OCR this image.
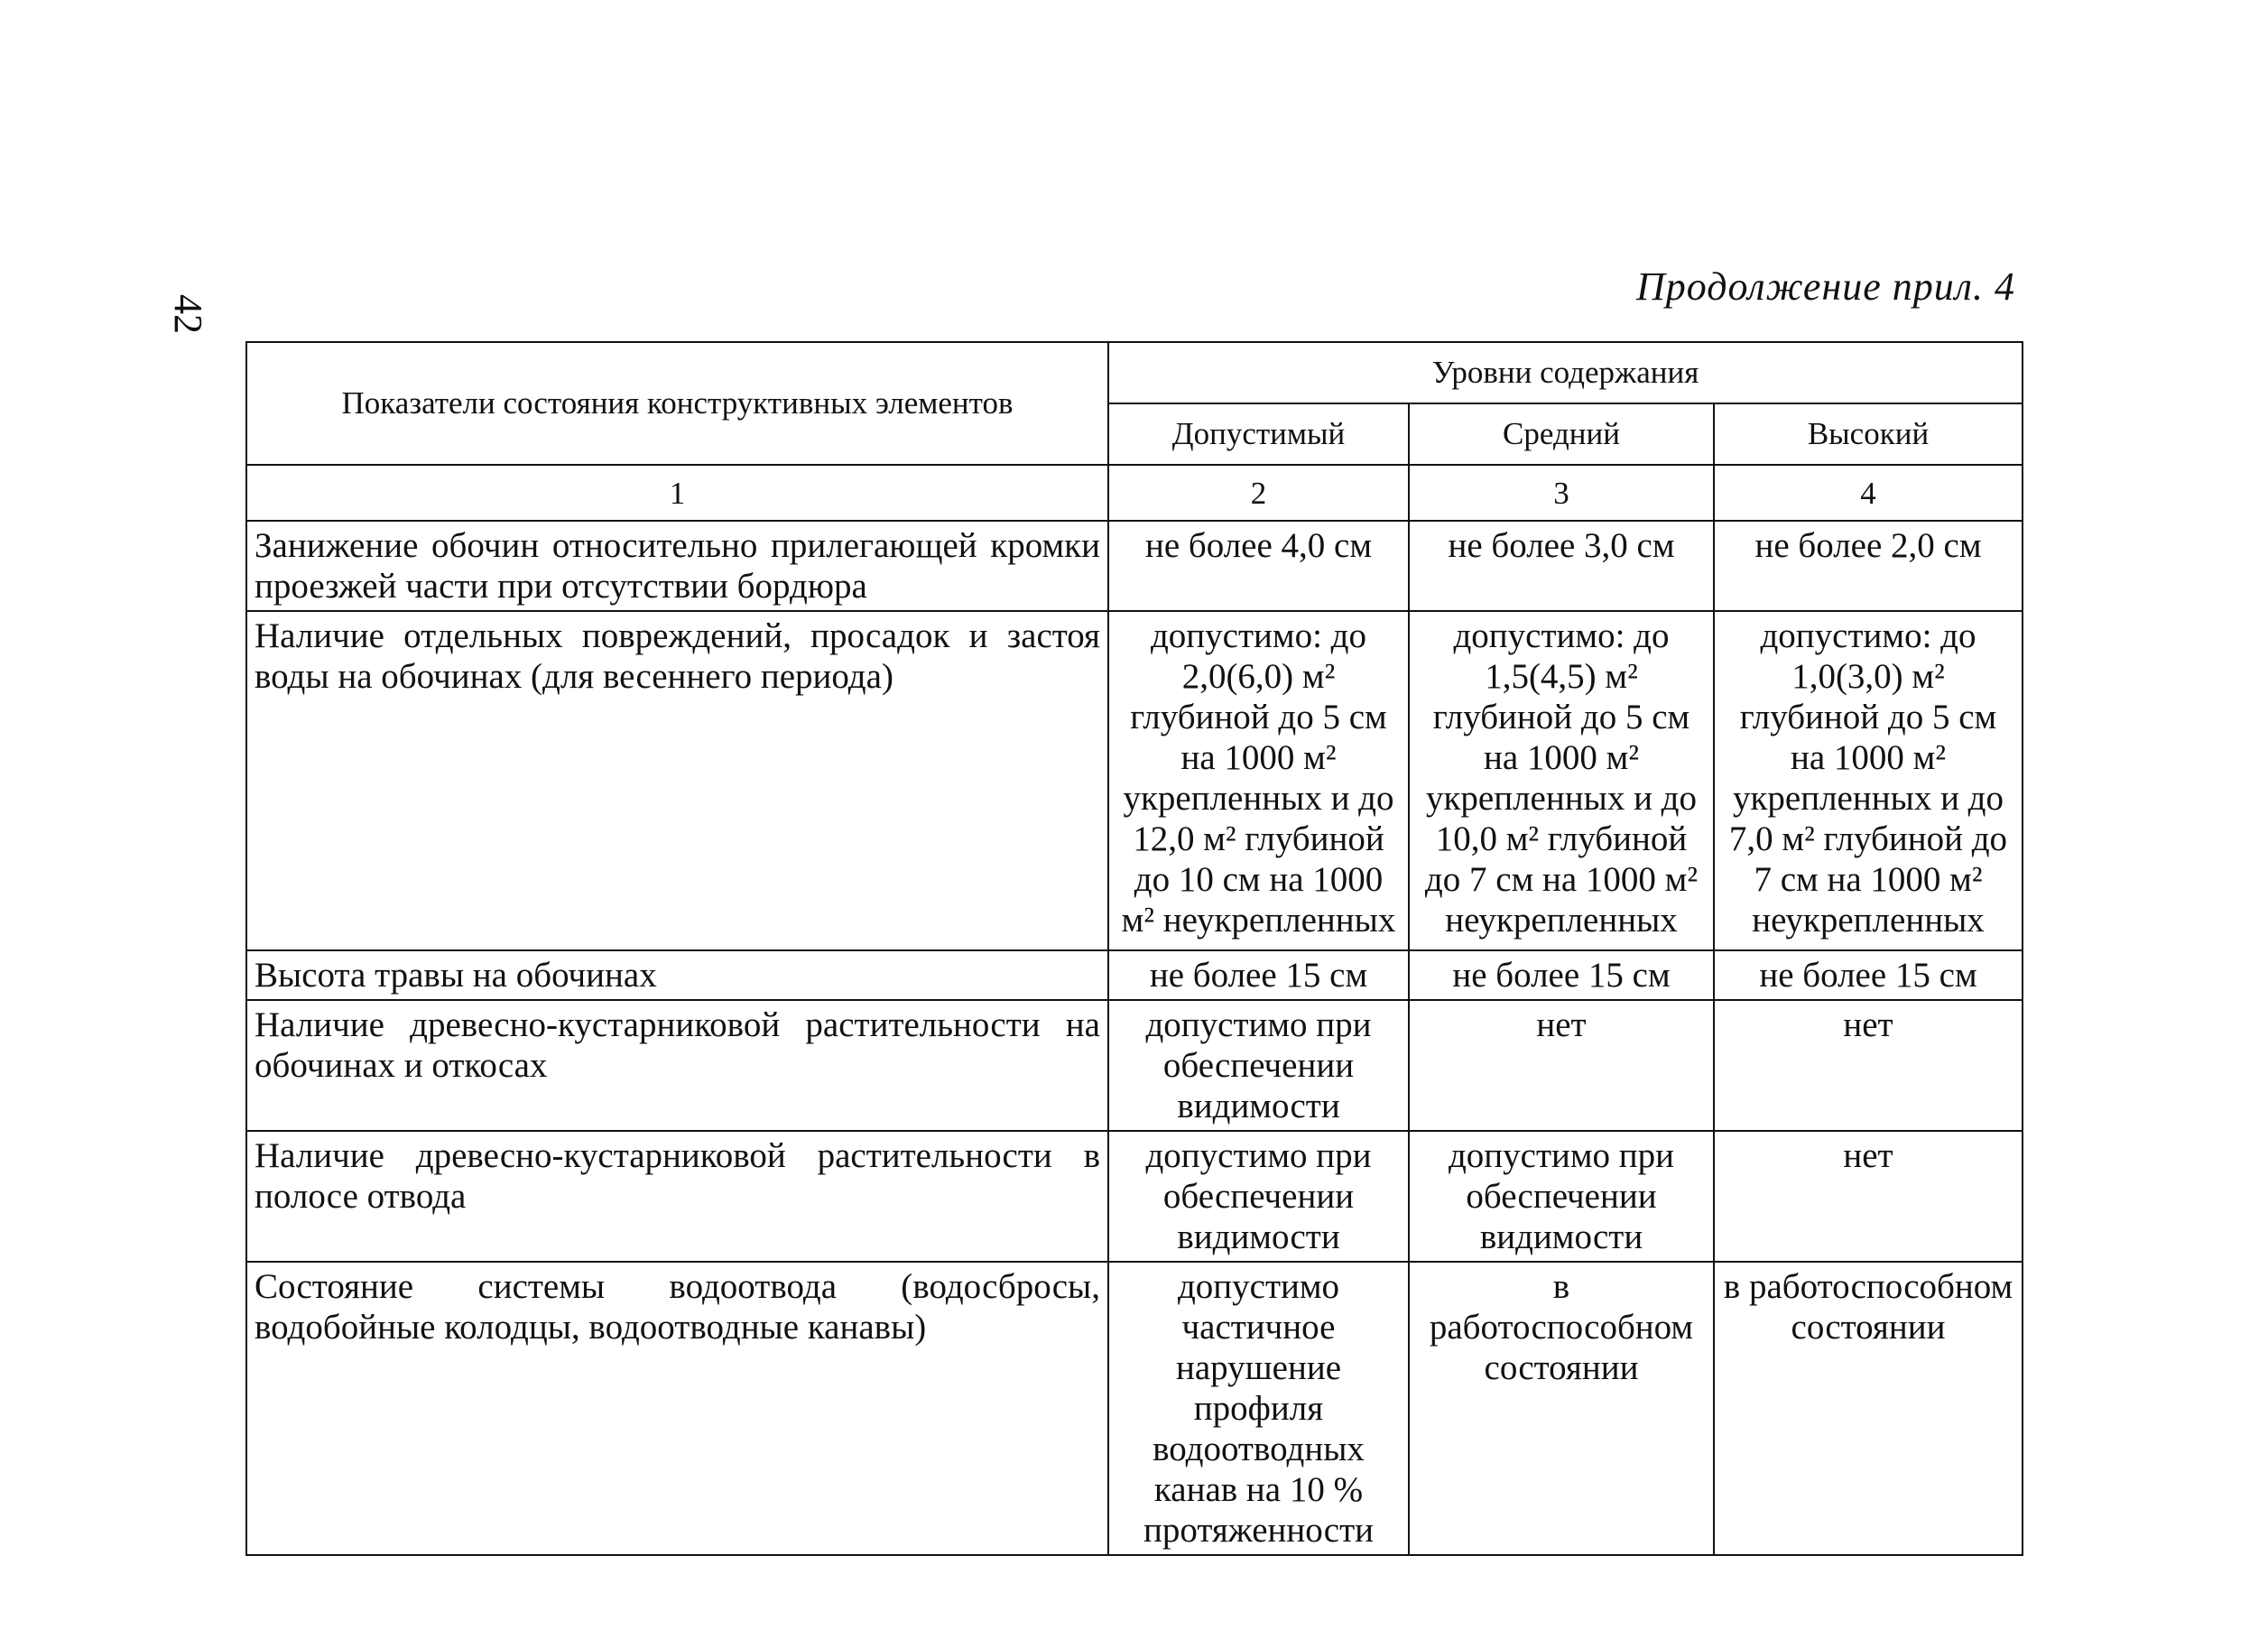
42
Продолжение прил. 4
Показатели состояния конструктивных элементов	Уровни содержания		
	Допустимый	Средний	Высокий
1	2	3	4
Занижение обочин относительно прилегающей кромки проезжей части при отсутствии бордюра	не более 4,0 см	не более 3,0 см	не более 2,0 см
Наличие отдельных повреждений, просадок и застоя воды на обочинах (для весеннего периода)	допустимо: до 2,0(6,0) м² глубиной до 5 см на 1000 м² укрепленных и до 12,0 м² глубиной до 10 см на 1000 м² неукрепленных	допустимо: до 1,5(4,5) м² глубиной до 5 см на 1000 м² укрепленных и до 10,0 м² глубиной до 7 см на 1000 м² неукрепленных	допустимо: до 1,0(3,0) м² глубиной до 5 см на 1000 м² укрепленных и до 7,0 м² глубиной до 7 см на 1000 м² неукрепленных
Высота травы на обочинах	не более 15 см	не более 15 см	не более 15 см
Наличие древесно-кустарниковой растительности на обочинах и откосах	допустимо при обеспечении видимости	нет	нет
Наличие древесно-кустарниковой растительности в полосе отвода	допустимо при обеспечении видимости	допустимо при обеспечении видимости	нет
Состояние системы водоотвода (водосбросы, водобойные колодцы, водоотводные канавы)	допустимо частичное нарушение профиля водоотводных канав на 10 % протяженности	в работоспособном состоянии	в работоспособном состоянии
